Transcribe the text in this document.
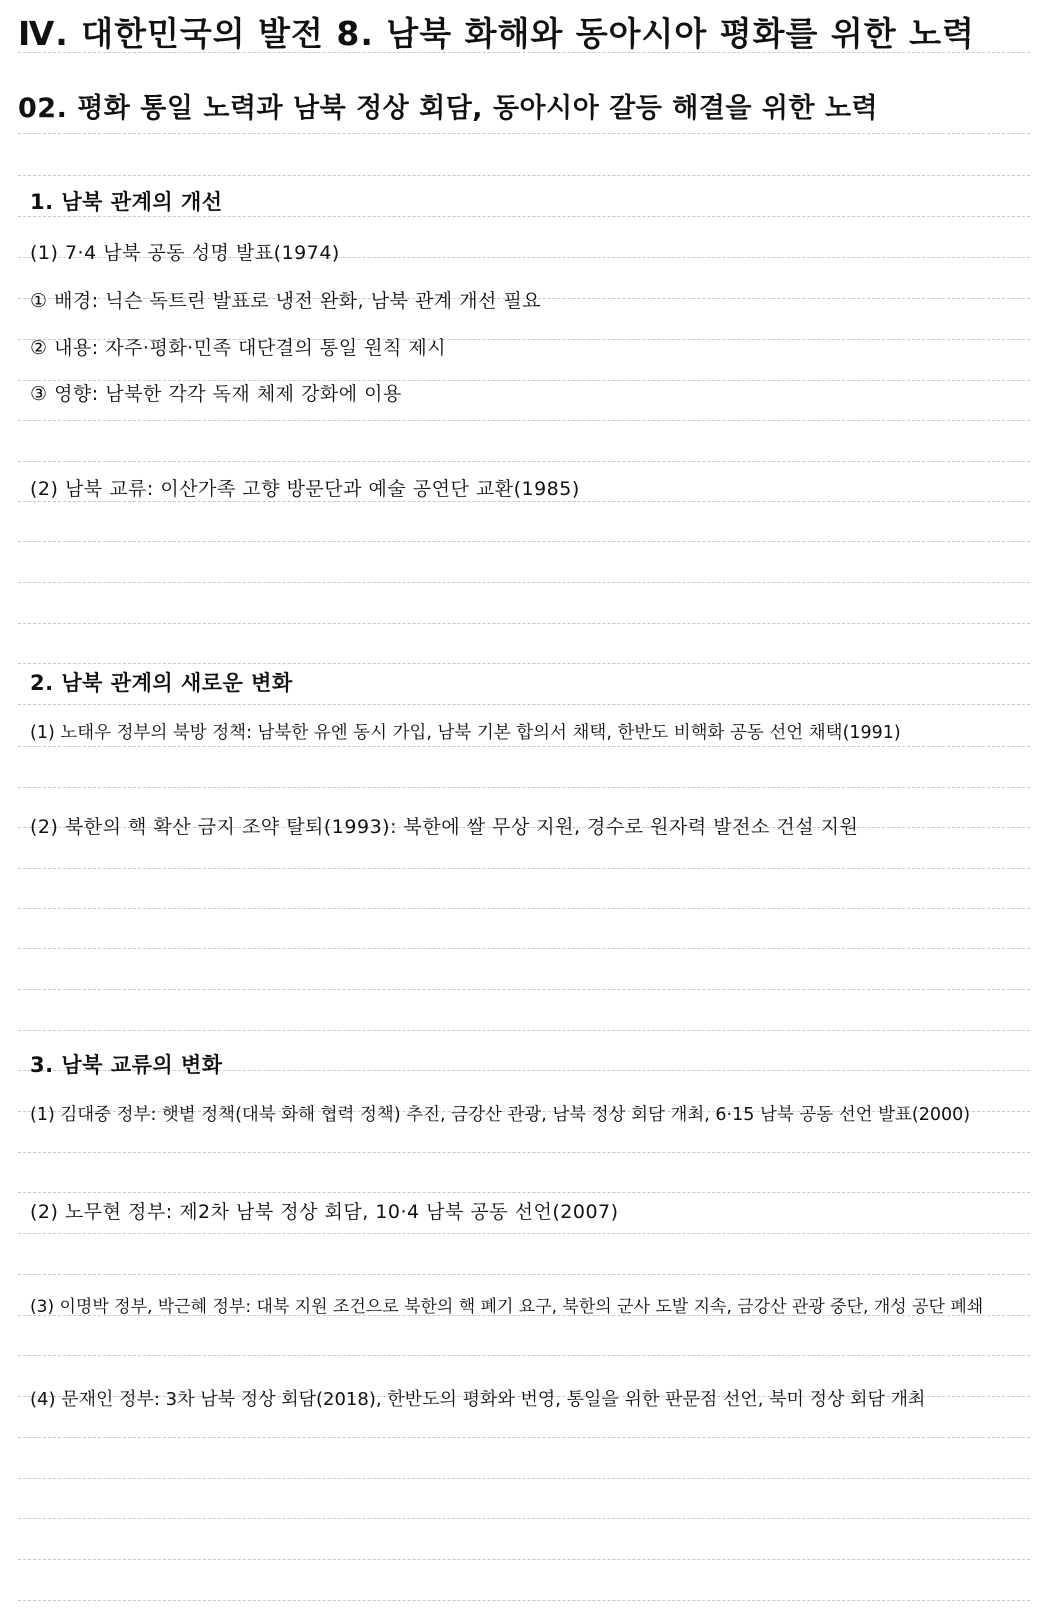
Ⅳ. 대한민국의 발전 8. 남북 화해와 동아시아 평화를 위한 노력
02. 평화 통일 노력과 남북 정상 회담, 동아시아 갈등 해결을 위한 노력
1. 남북 관계의 개선
(1) 7·4 남북 공동 성명 발표(1974)
① 배경: 닉슨 독트린 발표로 냉전 완화, 남북 관계 개선 필요
② 내용: 자주·평화·민족 대단결의 통일 원칙 제시
③ 영향: 남북한 각각 독재 체제 강화에 이용
(2) 남북 교류: 이산가족 고향 방문단과 예술 공연단 교환(1985)
2. 남북 관계의 새로운 변화
(1) 노태우 정부의 북방 정책: 남북한 유엔 동시 가입, 남북 기본 합의서 채택, 한반도 비핵화 공동 선언 채택(1991)
(2) 북한의 핵 확산 금지 조약 탈퇴(1993): 북한에 쌀 무상 지원, 경수로 원자력 발전소 건설 지원
3. 남북 교류의 변화
(1) 김대중 정부: 햇볕 정책(대북 화해 협력 정책) 추진, 금강산 관광, 남북 정상 회담 개최, 6·15 남북 공동 선언 발표(2000)
(2) 노무현 정부: 제2차 남북 정상 회담, 10·4 남북 공동 선언(2007)
(3) 이명박 정부, 박근혜 정부: 대북 지원 조건으로 북한의 핵 폐기 요구, 북한의 군사 도발 지속, 금강산 관광 중단, 개성 공단 폐쇄
(4) 문재인 정부: 3차 남북 정상 회담(2018), 한반도의 평화와 번영, 통일을 위한 판문점 선언, 북미 정상 회담 개최
